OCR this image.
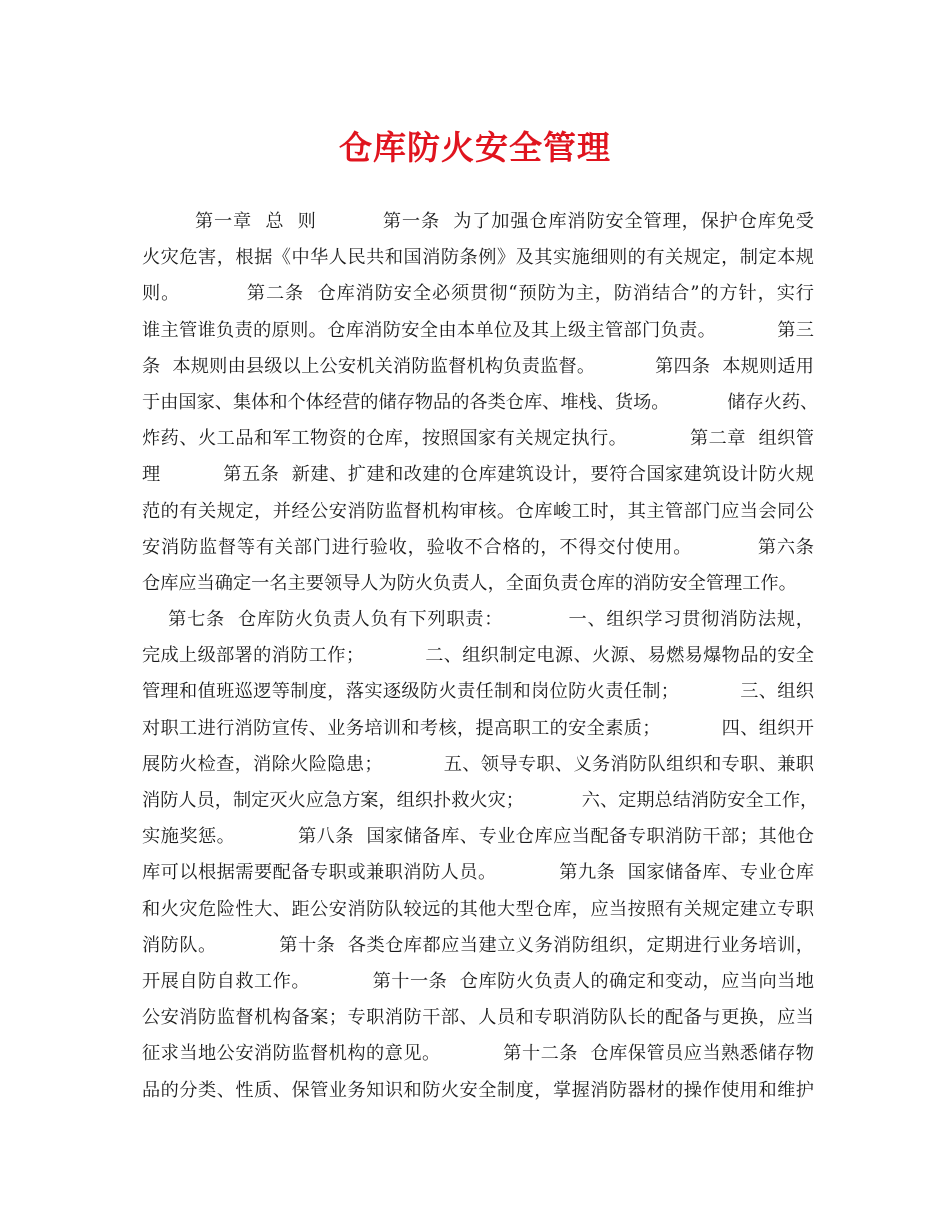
仓库防火安全管理
第一章  总  则          第一条  为了加强仓库消防安全管理，保护仓库免受
火灾危害，根据《中华人民共和国消防条例》及其实施细则的有关规定，制定本规
则。          第二条  仓库消防安全必须贯彻“预防为主，防消结合”的方针，实行
谁主管谁负责的原则。仓库消防安全由本单位及其上级主管部门负责。          第三
条  本规则由县级以上公安机关消防监督机构负责监督。          第四条  本规则适用
于由国家、集体和个体经营的储存物品的各类仓库、堆栈、货场。          储存火药、
炸药、火工品和军工物资的仓库，按照国家有关规定执行。          第二章  组织管
理          第五条  新建、扩建和改建的仓库建筑设计，要符合国家建筑设计防火规
范的有关规定，并经公安消防监督机构审核。仓库峻工时，其主管部门应当会同公
安消防监督等有关部门进行验收，验收不合格的，不得交付使用。          第六条
仓库应当确定一名主要领导人为防火负责人，全面负责仓库的消防安全管理工作。
第七条  仓库防火负责人负有下列职责：          一、组织学习贯彻消防法规，
完成上级部署的消防工作；          二、组织制定电源、火源、易燃易爆物品的安全
管理和值班巡逻等制度，落实逐级防火责任制和岗位防火责任制；          三、组织
对职工进行消防宣传、业务培训和考核，提高职工的安全素质；          四、组织开
展防火检查，消除火险隐患；          五、领导专职、义务消防队组织和专职、兼职
消防人员，制定灭火应急方案，组织扑救火灾；          六、定期总结消防安全工作，
实施奖惩。          第八条  国家储备库、专业仓库应当配备专职消防干部；其他仓
库可以根据需要配备专职或兼职消防人员。          第九条  国家储备库、专业仓库
和火灾危险性大、距公安消防队较远的其他大型仓库，应当按照有关规定建立专职
消防队。          第十条  各类仓库都应当建立义务消防组织，定期进行业务培训，
开展自防自救工作。          第十一条  仓库防火负责人的确定和变动，应当向当地
公安消防监督机构备案；专职消防干部、人员和专职消防队长的配备与更换，应当
征求当地公安消防监督机构的意见。          第十二条  仓库保管员应当熟悉储存物
品的分类、性质、保管业务知识和防火安全制度，掌握消防器材的操作使用和维护
